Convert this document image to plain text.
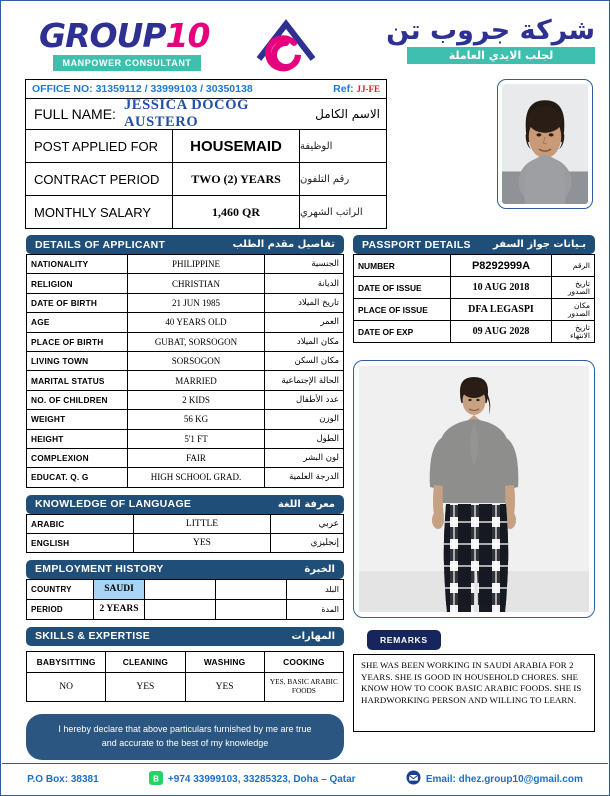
GROUP10
MANPOWER CONSULTANT
شركة جروب تن
لجلب الايدي العاملة
OFFICE NO: 31359112 / 33999103 / 30350138	Ref: JJ-FE
FULL NAME:
JESSICA DOCOG AUSTERO	الاسم الكامل
POST APPLIED FOR	HOUSEMAID	الوظيفة
CONTRACT PERIOD	TWO (2) YEARS	رقم التلفون
MONTHLY SALARY	1,460 QR	الراتب الشهري
DETAILS OF APPLICANT	تفاصيل مقدم الطلب
NATIONALITY	PHILIPPINE	الجنسية
RELIGION	CHRISTIAN	الديانة
DATE OF BIRTH	21 JUN 1985	تاريخ الميلاد
AGE	40 YEARS OLD	العمر
PLACE OF BIRTH	GUBAT, SORSOGON	مكان الميلاد
LIVING TOWN	SORSOGON	مكان السكن
MARITAL STATUS	MARRIED	الحالة الإجتماعية
NO. OF CHILDREN	2 KIDS	عدد الأطفال
WEIGHT	56 KG	الوزن
HEIGHT	5'1 FT	الطول
COMPLEXION	FAIR	لون البشر
EDUCAT. Q. G	HIGH SCHOOL GRAD.	الدرجة العلمية
KNOWLEDGE OF LANGUAGE	معرفة اللغة
ARABIC	LITTLE	عربي
ENGLISH	YES	إنجليزي
EMPLOYMENT HISTORY	الخبرة
COUNTRY	SAUDI			البلد
PERIOD	2 YEARS			المدة
SKILLS & EXPERTISE	المهارات
BABYSITTING	CLEANING	WASHING	COOKING
NO	YES	YES	YES, BASIC ARABIC FOODS
I hereby declare that above particulars furnished by me are true
and accurate to the best of my knowledge
PASSPORT DETAILS بـيانات جواز السفر
NUMBER	P8292999A	الرقم
DATE OF ISSUE	10 AUG 2018	تاريخ الصدور
PLACE OF ISSUE	DFA LEGASPI	مكان الصدور
DATE OF EXP	09 AUG 2028	تاريخ الانتهاء
REMARKS
SHE WAS BEEN WORKING IN SAUDI ARABIA FOR 2 YEARS. SHE IS GOOD IN HOUSEHOLD CHORES. SHE KNOW HOW TO COOK BASIC ARABIC FOODS. SHE IS HARDWORKING PERSON AND WILLING TO LEARN.
P.O Box: 38381	B +974 33999103, 33285323, Doha – Qatar	Email: dhez.group10@gmail.com
